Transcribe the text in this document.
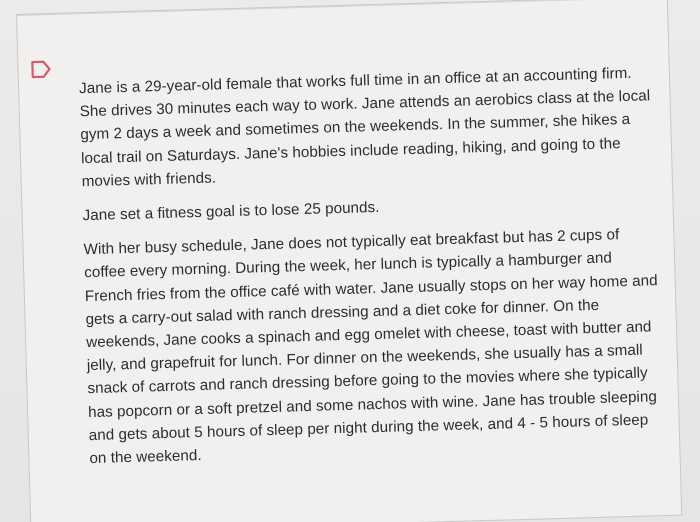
Jane is a 29-year-old female that works full time in an office at an accounting firm. She drives 30 minutes each way to work. Jane attends an aerobics class at the local gym 2 days a week and sometimes on the weekends. In the summer, she hikes a local trail on Saturdays. Jane's hobbies include reading, hiking, and going to the movies with friends.

Jane set a fitness goal is to lose 25 pounds.

With her busy schedule, Jane does not typically eat breakfast but has 2 cups of coffee every morning. During the week, her lunch is typically a hamburger and French fries from the office café with water. Jane usually stops on her way home and gets a carry-out salad with ranch dressing and a diet coke for dinner. On the weekends, Jane cooks a spinach and egg omelet with cheese, toast with butter and jelly, and grapefruit for lunch. For dinner on the weekends, she usually has a small snack of carrots and ranch dressing before going to the movies where she typically has popcorn or a soft pretzel and some nachos with wine. Jane has trouble sleeping and gets about 5 hours of sleep per night during the week, and 4 - 5 hours of sleep on the weekend.
